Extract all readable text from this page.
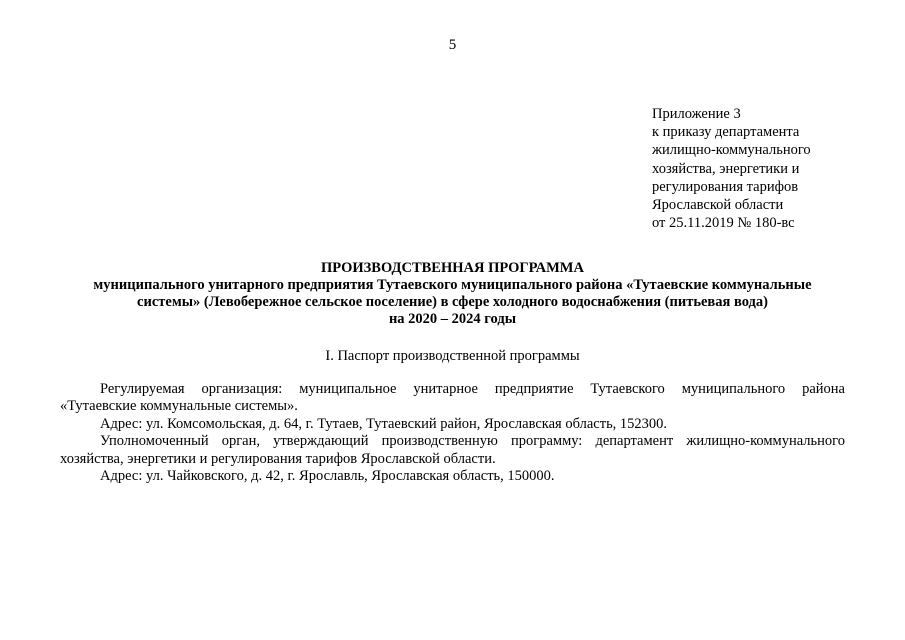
5
Приложение 3
к приказу департамента
жилищно-коммунального
хозяйства, энергетики и
регулирования тарифов
Ярославской области
от 25.11.2019 № 180-вс
ПРОИЗВОДСТВЕННАЯ ПРОГРАММА
муниципального унитарного предприятия Тутаевского муниципального района «Тутаевские коммунальные
системы» (Левобережное сельское поселение) в сфере холодного водоснабжения (питьевая вода)
на 2020 – 2024 годы
I. Паспорт производственной программы
Регулируемая организация: муниципальное унитарное предприятие Тутаевского муниципального района
«Тутаевские коммунальные системы».
Адрес: ул. Комсомольская, д. 64, г. Тутаев, Тутаевский район, Ярославская область, 152300.
Уполномоченный орган, утверждающий производственную программу: департамент жилищно-коммунального
хозяйства, энергетики и регулирования тарифов Ярославской области.
Адрес: ул. Чайковского, д. 42, г. Ярославль, Ярославская область, 150000.
